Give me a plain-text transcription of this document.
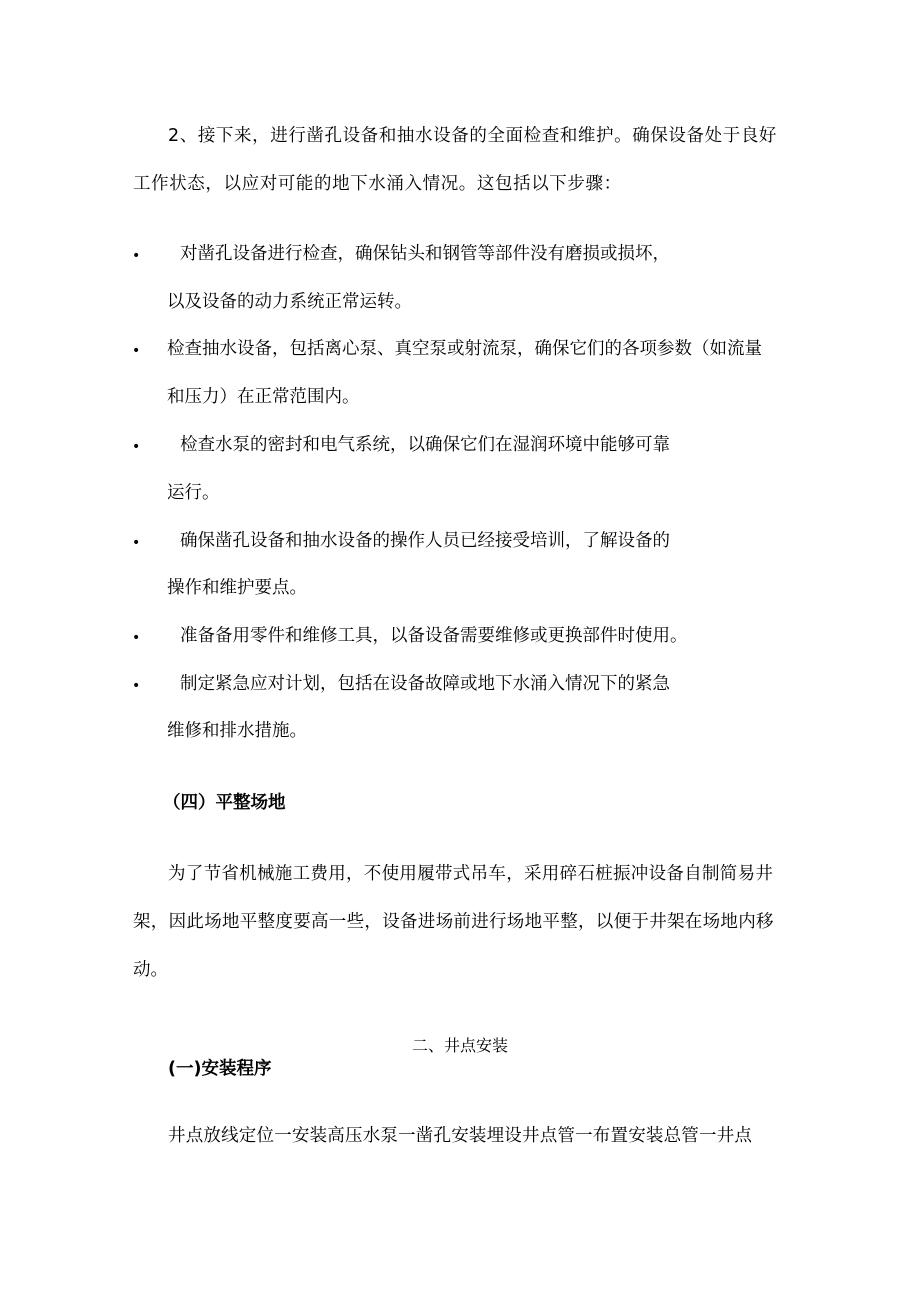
2、接下来，进行凿孔设备和抽水设备的全面检查和维护。确保设备处于良好
工作状态，以应对可能的地下水涌入情况。这包括以下步骤：
• 对凿孔设备进行检查，确保钻头和钢管等部件没有磨损或损坏，
以及设备的动力系统正常运转。
• 检查抽水设备，包括离心泵、真空泵或射流泵，确保它们的各项参数（如流量
和压力）在正常范围内。
• 检查水泵的密封和电气系统，以确保它们在湿润环境中能够可靠
运行。
• 确保凿孔设备和抽水设备的操作人员已经接受培训，了解设备的
操作和维护要点。
• 准备备用零件和维修工具，以备设备需要维修或更换部件时使用。
• 制定紧急应对计划，包括在设备故障或地下水涌入情况下的紧急
维修和排水措施。
（四）平整场地
为了节省机械施工费用，不使用履带式吊车，采用碎石桩振冲设备自制简易井
架，因此场地平整度要高一些，设备进场前进行场地平整，以便于井架在场地内移
动。
二、井点安装
(一)安装程序
井点放线定位一安装高压水泵一凿孔安装埋设井点管一布置安装总管一井点
